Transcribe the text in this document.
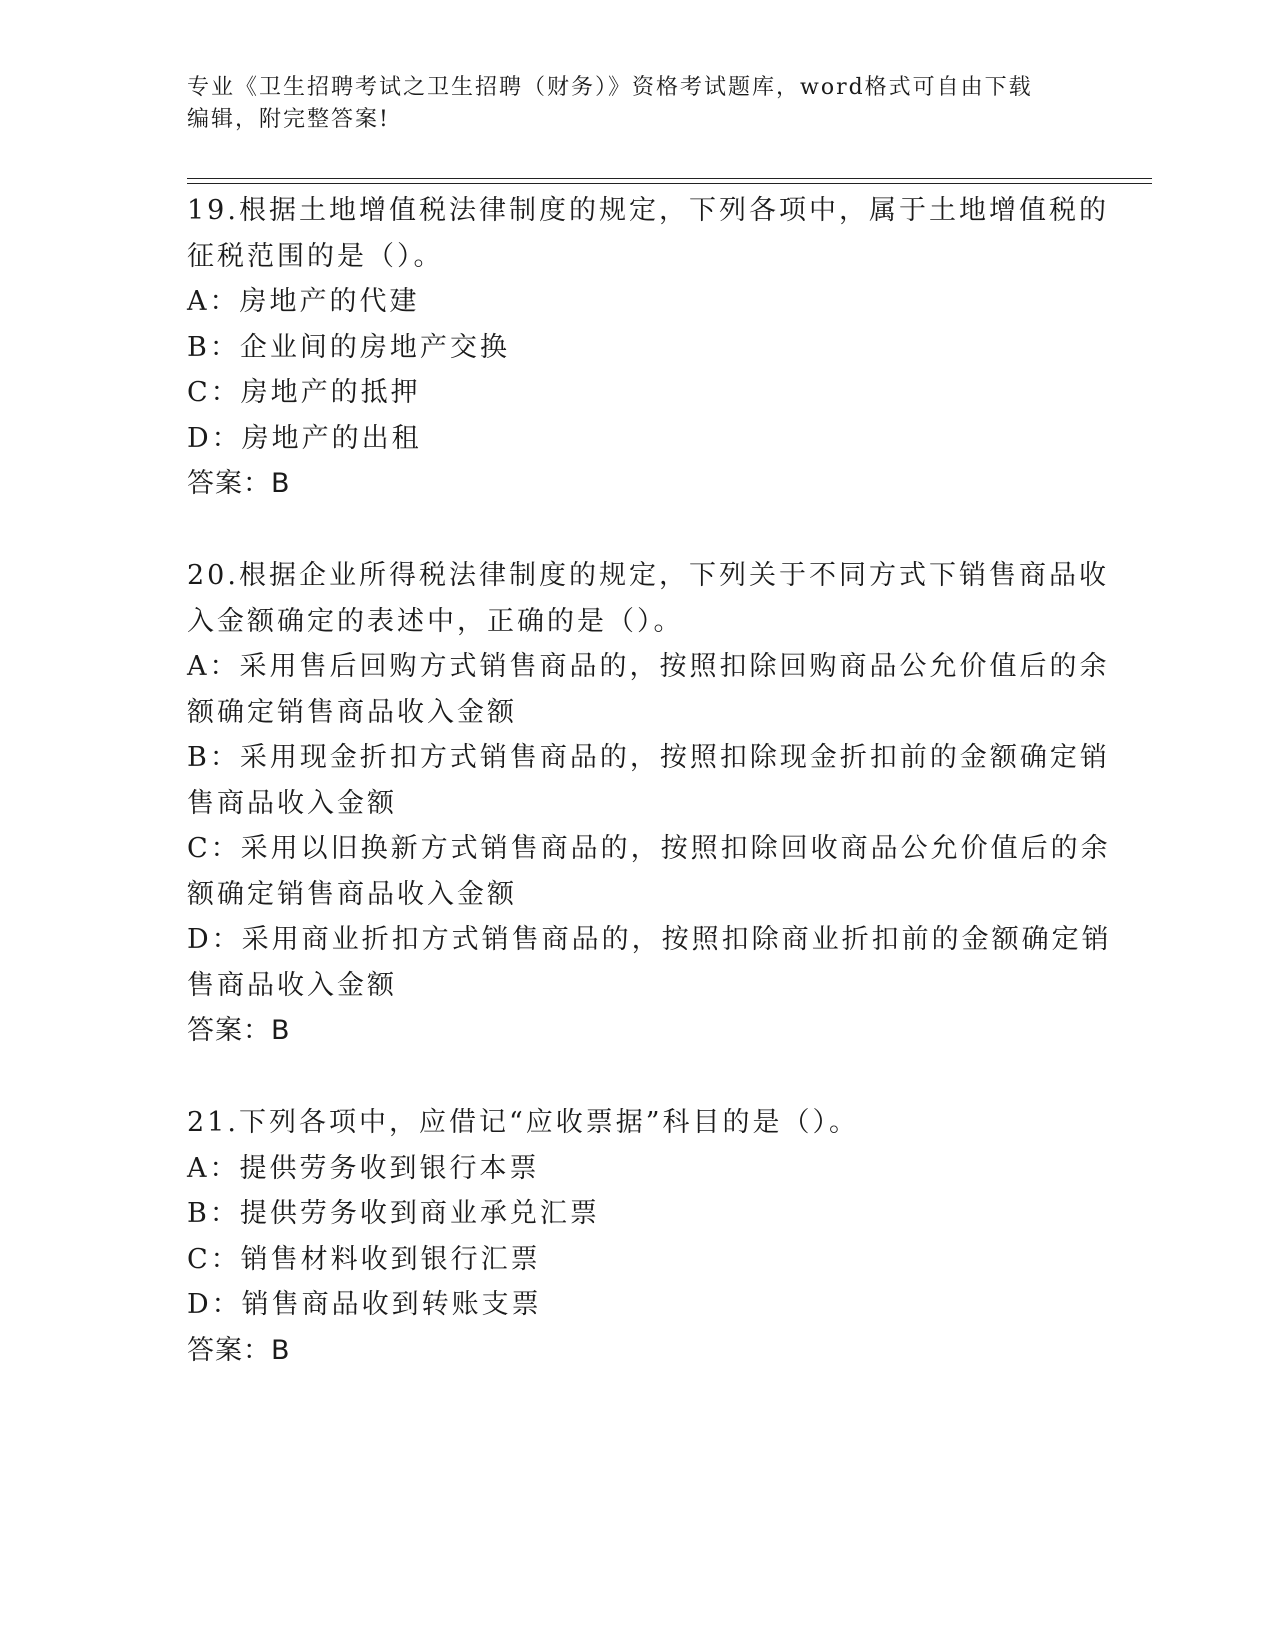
专业《卫生招聘考试之卫生招聘（财务）》资格考试题库，word格式可自由下载
编辑，附完整答案!
19.根据土地增值税法律制度的规定，下列各项中，属于土地增值税的
征税范围的是（）。
A：房地产的代建
B：企业间的房地产交换
C：房地产的抵押
D：房地产的出租
答案：B
20.根据企业所得税法律制度的规定，下列关于不同方式下销售商品收
入金额确定的表述中，正确的是（）。
A：采用售后回购方式销售商品的，按照扣除回购商品公允价值后的余
额确定销售商品收入金额
B：采用现金折扣方式销售商品的，按照扣除现金折扣前的金额确定销
售商品收入金额
C：采用以旧换新方式销售商品的，按照扣除回收商品公允价值后的余
额确定销售商品收入金额
D：采用商业折扣方式销售商品的，按照扣除商业折扣前的金额确定销
售商品收入金额
答案：B
21.下列各项中，应借记“应收票据”科目的是（）。
A：提供劳务收到银行本票
B：提供劳务收到商业承兑汇票
C：销售材料收到银行汇票
D：销售商品收到转账支票
答案：B
